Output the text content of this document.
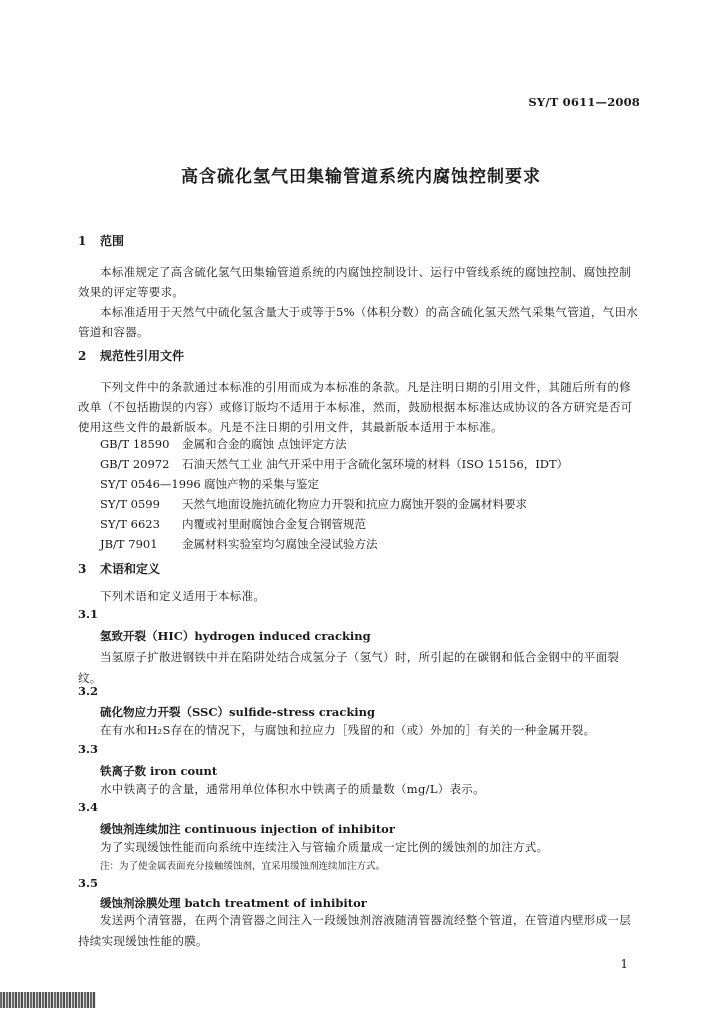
SY/T 0611—2008
高含硫化氢气田集输管道系统内腐蚀控制要求
1 范围
本标准规定了高含硫化氢气田集输管道系统的内腐蚀控制设计、运行中管线系统的腐蚀控制、腐蚀控制效果的评定等要求。
本标准适用于天然气中硫化氢含量大于或等于5%（体积分数）的高含硫化氢天然气采集气管道，气田水管道和容器。
2 规范性引用文件
下列文件中的条款通过本标准的引用而成为本标准的条款。凡是注明日期的引用文件，其随后所有的修改单（不包括勘误的内容）或修订版均不适用于本标准，然而，鼓励根据本标准达成协议的各方研究是否可使用这些文件的最新版本。凡是不注日期的引用文件，其最新版本适用于本标准。
GB/T 18590 金属和合金的腐蚀 点蚀评定方法
GB/T 20972 石油天然气工业 油气开采中用于含硫化氢环境的材料（ISO 15156，IDT）
SY/T 0546—1996 腐蚀产物的采集与鉴定
SY/T 0599 天然气地面设施抗硫化物应力开裂和抗应力腐蚀开裂的金属材料要求
SY/T 6623 内覆或衬里耐腐蚀合金复合钢管规范
JB/T 7901 金属材料实验室均匀腐蚀全浸试验方法
3 术语和定义
下列术语和定义适用于本标准。
3.1
氢致开裂（HIC）hydrogen induced cracking
当氢原子扩散进钢铁中并在陷阱处结合成氢分子（氢气）时，所引起的在碳钢和低合金钢中的平面裂纹。
3.2
硫化物应力开裂（SSC）sulfide-stress cracking
在有水和H₂S存在的情况下，与腐蚀和拉应力［残留的和（或）外加的］有关的一种金属开裂。
3.3
铁离子数 iron count
水中铁离子的含量，通常用单位体积水中铁离子的质量数（mg/L）表示。
3.4
缓蚀剂连续加注 continuous injection of inhibitor
为了实现缓蚀性能而向系统中连续注入与管输介质量成一定比例的缓蚀剂的加注方式。
注：为了使金属表面充分接触缓蚀剂，宜采用缓蚀剂连续加注方式。
3.5
缓蚀剂涂膜处理 batch treatment of inhibitor
发送两个清管器，在两个清管器之间注入一段缓蚀剂溶液随清管器流经整个管道，在管道内壁形成一层持续实现缓蚀性能的膜。
1
